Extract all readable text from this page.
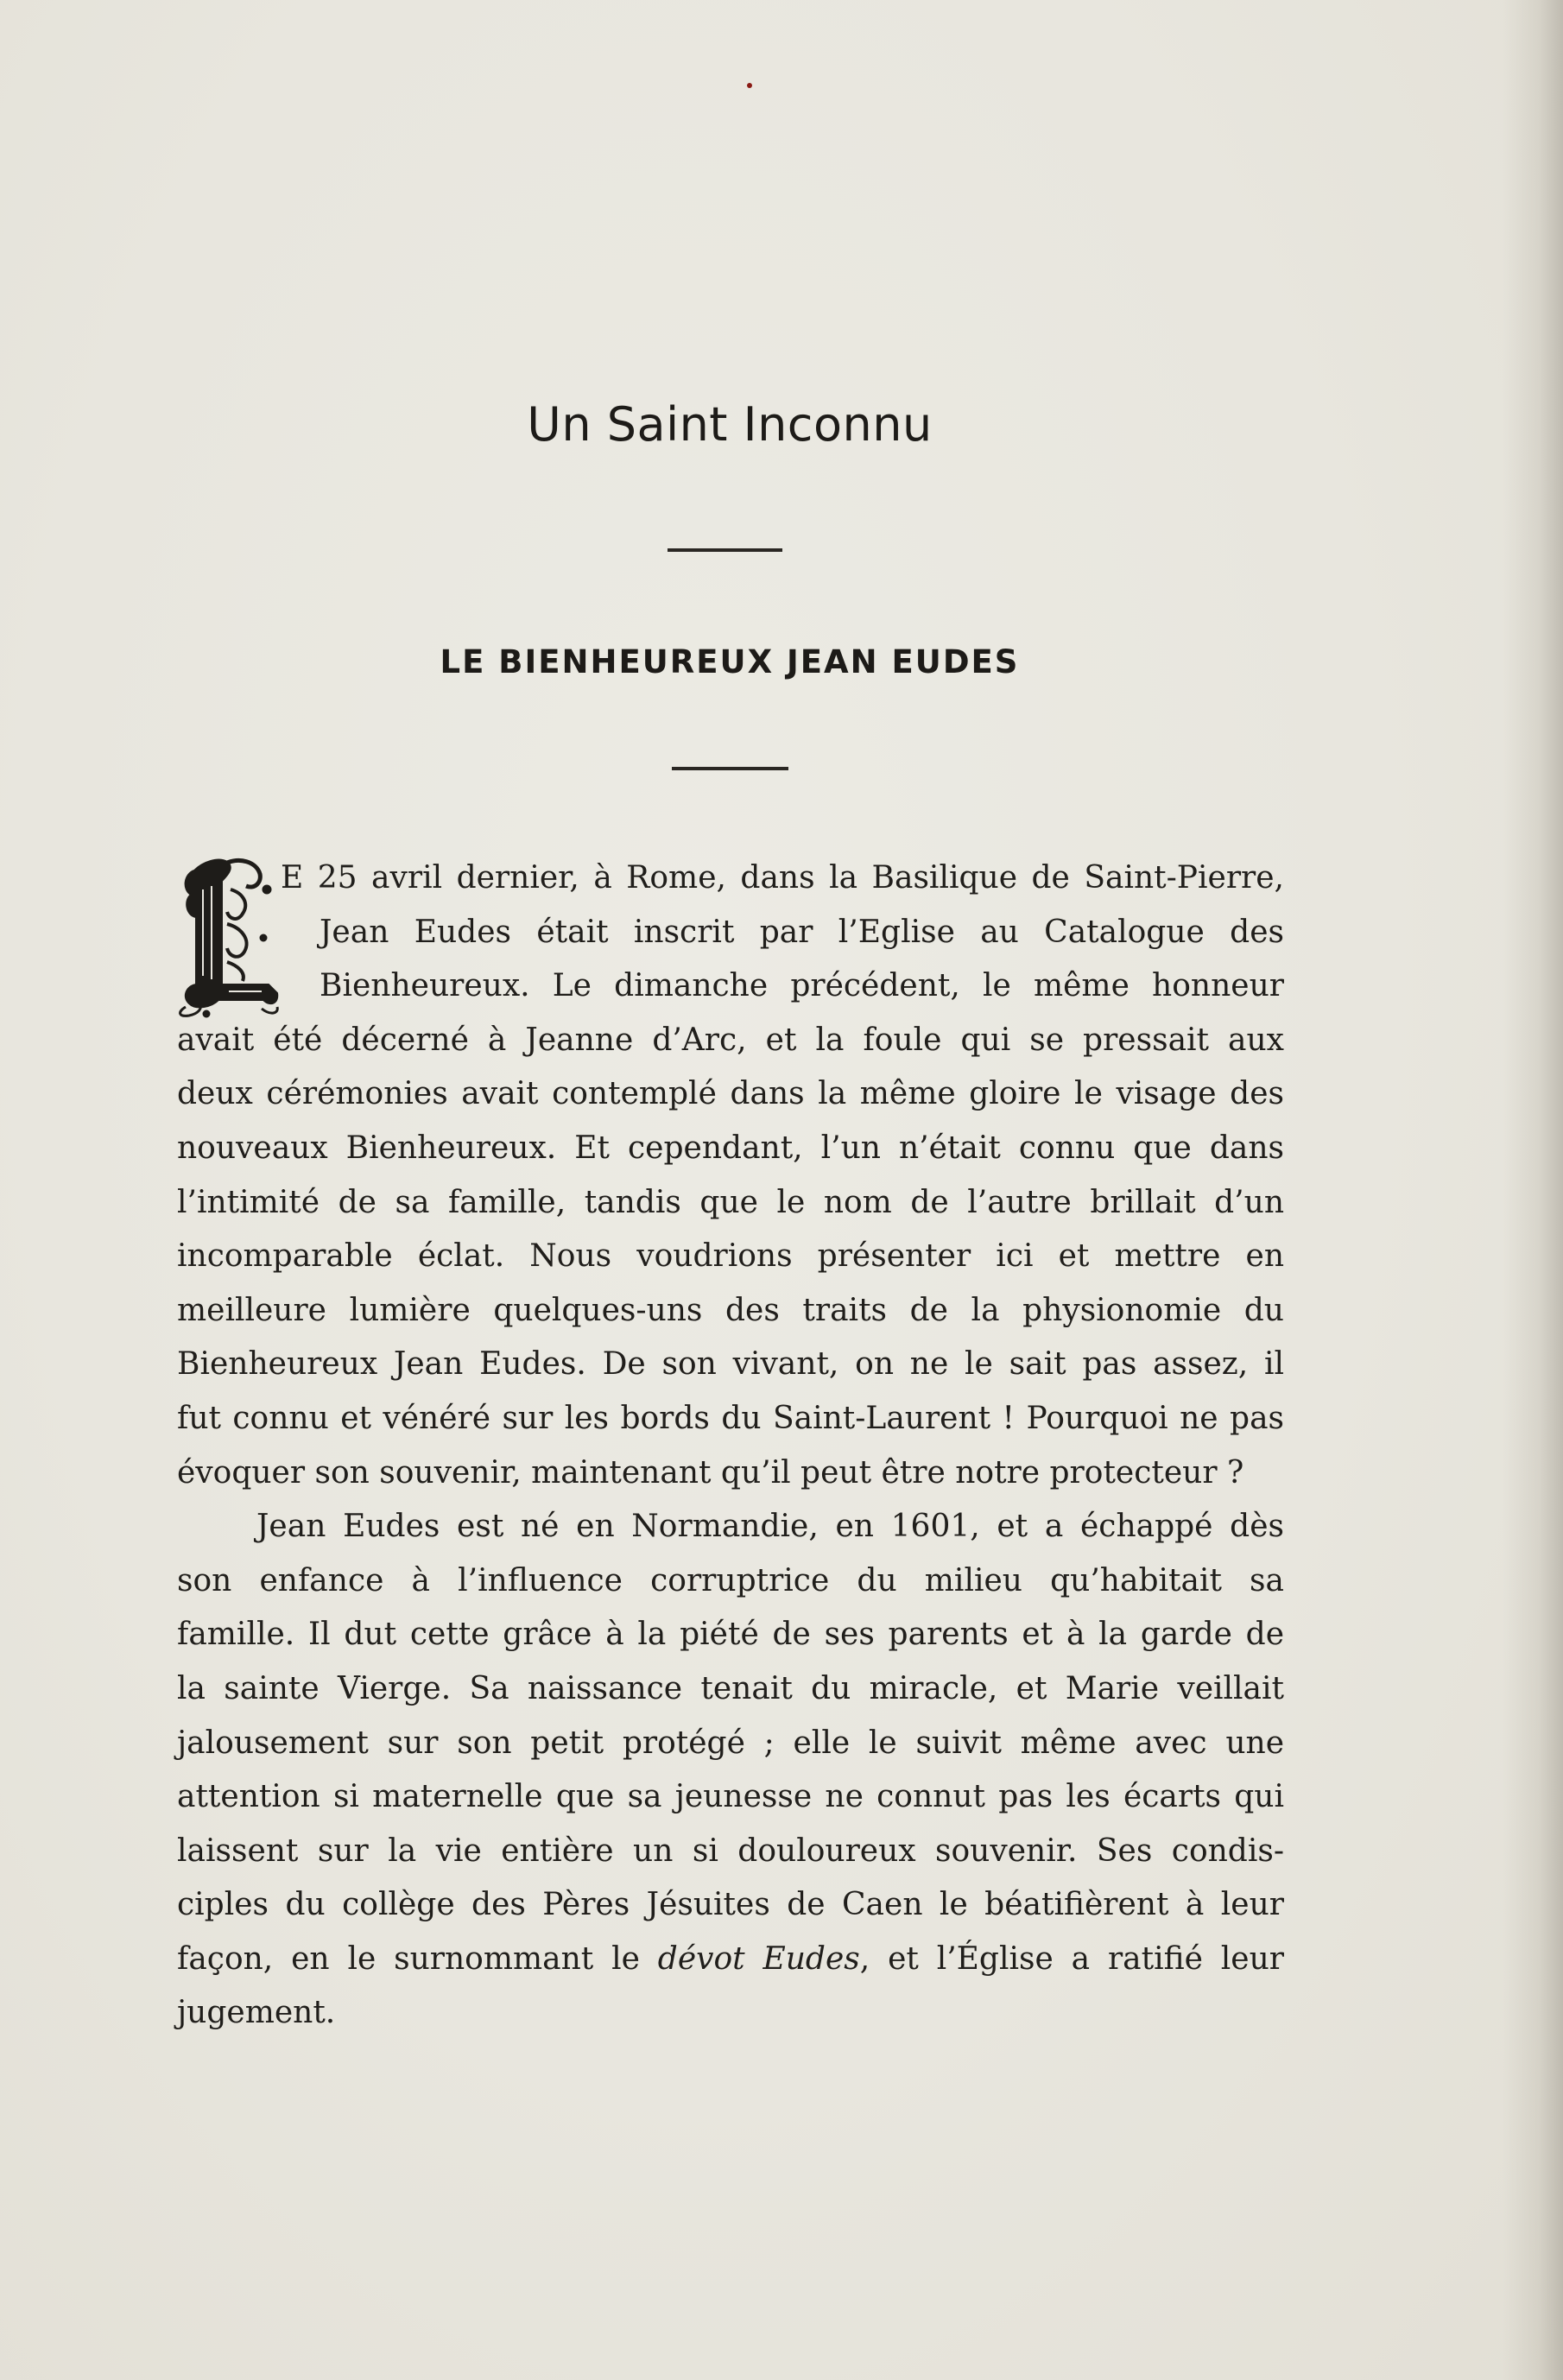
Un Saint Inconnu
LE BIENHEUREUX JEAN EUDES
E 25 avril dernier, à Rome, dans la Basilique de Saint-Pierre,
Jean Eudes était inscrit par l’Eglise au Catalogue des
Bienheureux. Le dimanche précédent, le même honneur
avait été décerné à Jeanne d’Arc, et la foule qui se pressait aux
deux cérémonies avait contemplé dans la même gloire le visage des
nouveaux Bienheureux. Et cependant, l’un n’était connu que dans
l’intimité de sa famille, tandis que le nom de l’autre brillait d’un
incomparable éclat. Nous voudrions présenter ici et mettre en
meilleure lumière quelques-uns des traits de la physionomie du
Bienheureux Jean Eudes. De son vivant, on ne le sait pas assez, il
fut connu et vénéré sur les bords du Saint-Laurent ! Pourquoi ne pas
évoquer son souvenir, maintenant qu’il peut être notre protecteur ?
Jean Eudes est né en Normandie, en 1601, et a échappé dès
son enfance à l’influence corruptrice du milieu qu’habitait sa
famille. Il dut cette grâce à la piété de ses parents et à la garde de
la sainte Vierge. Sa naissance tenait du miracle, et Marie veillait
jalousement sur son petit protégé ; elle le suivit même avec une
attention si maternelle que sa jeunesse ne connut pas les écarts qui
laissent sur la vie entière un si douloureux souvenir. Ses condis-
ciples du collège des Pères Jésuites de Caen le béatifièrent à leur
façon, en le surnommant le dévot Eudes, et l’Église a ratifié leur
jugement.
